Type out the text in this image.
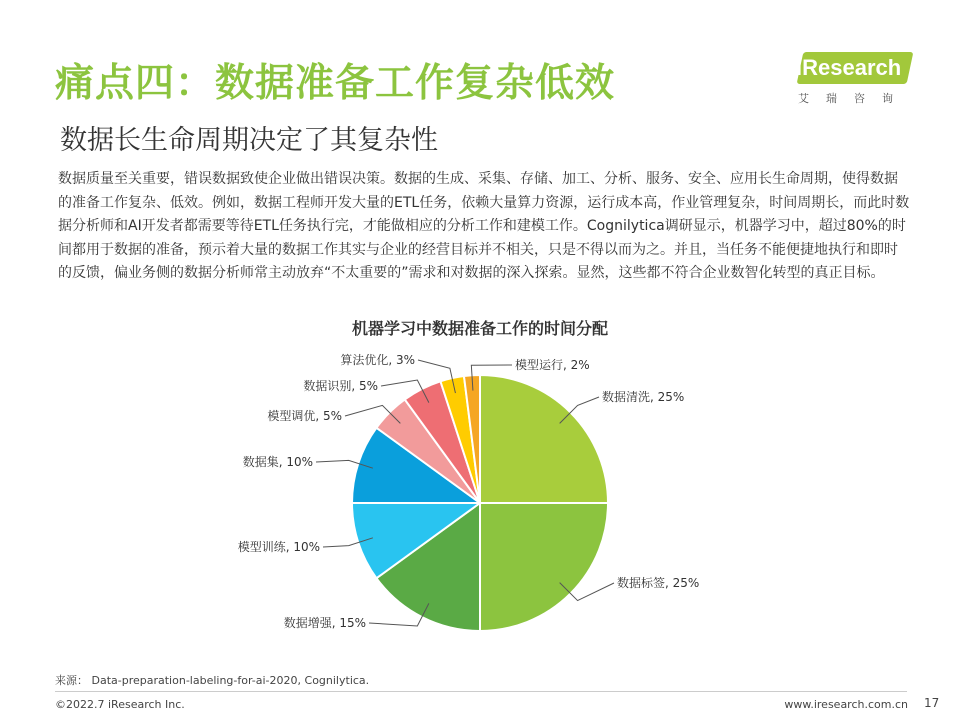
痛点四：数据准备工作复杂低效
数据长生命周期决定了其复杂性
iResearch
艾瑞咨询
数据质量至关重要，错误数据致使企业做出错误决策。数据的生成、采集、存储、加工、分析、服务、安全、应用长生命周期，使得数据的准备工作复杂、低效。例如，数据工程师开发大量的ETL任务，依赖大量算力资源，运行成本高，作业管理复杂，时间周期长，而此时数据分析师和AI开发者都需要等待ETL任务执行完，才能做相应的分析工作和建模工作。Cognilytica调研显示，机器学习中，超过80%的时间都用于数据的准备，预示着大量的数据工作其实与企业的经营目标并不相关，只是不得以而为之。并且，当任务不能便捷地执行和即时的反馈，偏业务侧的数据分析师常主动放弃“不太重要的”需求和对数据的深入探索。显然，这些都不符合企业数智化转型的真正目标。
机器学习中数据准备工作的时间分配
数据清洗, 25%
数据标签, 25%
数据增强, 15%
模型训练, 10%
数据集, 10%
模型调优, 5%
数据识别, 5%
算法优化, 3%	模型运行, 2%
来源： Data-preparation-labeling-for-ai-2020, Cognilytica.
©2022.7 iResearch Inc.	www.iresearch.com.cn 17
